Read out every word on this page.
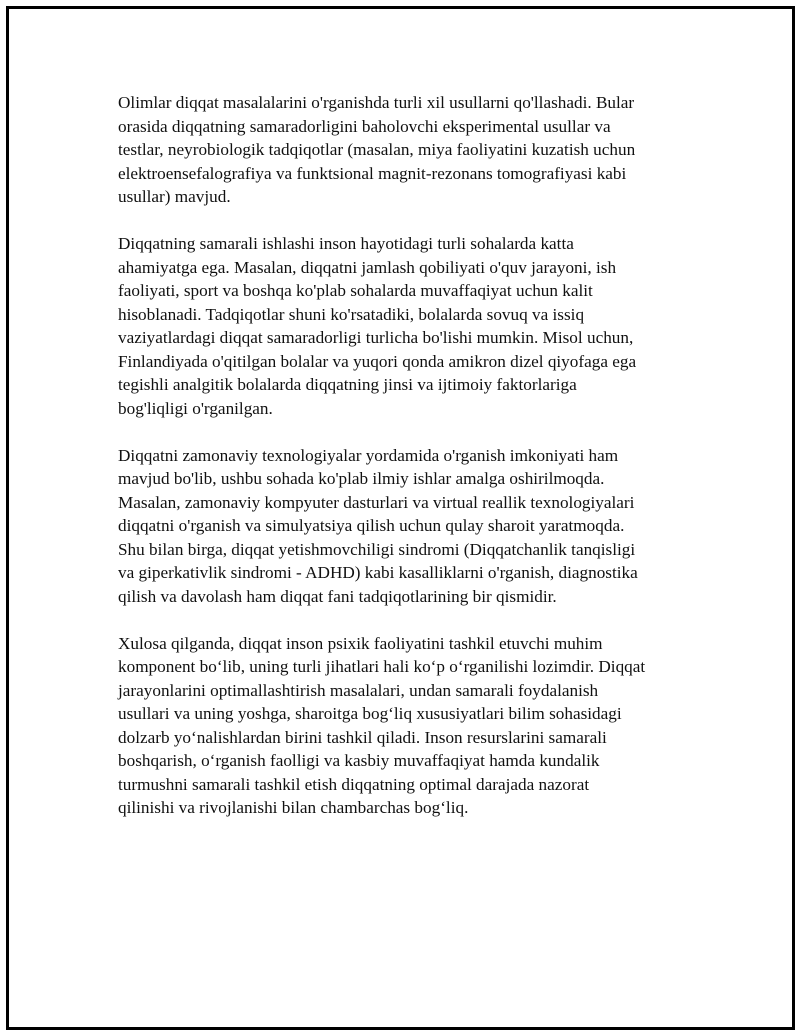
Olimlar diqqat masalalarini o'rganishda turli xil usullarni qo'llashadi. Bular
orasida diqqatning samaradorligini baholovchi eksperimental usullar va
testlar, neyrobiologik tadqiqotlar (masalan, miya faoliyatini kuzatish uchun
elektroensefalografiya va funktsional magnit-rezonans tomografiyasi kabi
usullar) mavjud.

Diqqatning samarali ishlashi inson hayotidagi turli sohalarda katta
ahamiyatga ega. Masalan, diqqatni jamlash qobiliyati o'quv jarayoni, ish
faoliyati, sport va boshqa ko'plab sohalarda muvaffaqiyat uchun kalit
hisoblanadi. Tadqiqotlar shuni ko'rsatadiki, bolalarda sovuq va issiq
vaziyatlardagi diqqat samaradorligi turlicha bo'lishi mumkin. Misol uchun,
Finlandiyada o'qitilgan bolalar va yuqori qonda amikron dizel qiyofaga ega
tegishli analgitik bolalarda diqqatning jinsi va ijtimoiy faktorlariga
bog'liqligi o'rganilgan.

Diqqatni zamonaviy texnologiyalar yordamida o'rganish imkoniyati ham
mavjud bo'lib, ushbu sohada ko'plab ilmiy ishlar amalga oshirilmoqda.
Masalan, zamonaviy kompyuter dasturlari va virtual reallik texnologiyalari
diqqatni o'rganish va simulyatsiya qilish uchun qulay sharoit yaratmoqda.
Shu bilan birga, diqqat yetishmovchiligi sindromi (Diqqatchanlik tanqisligi
va giperkativlik sindromi - ADHD) kabi kasalliklarni o'rganish, diagnostika
qilish va davolash ham diqqat fani tadqiqotlarining bir qismidir.

Xulosa qilganda, diqqat inson psixik faoliyatini tashkil etuvchi muhim
komponent bo‘lib, uning turli jihatlari hali ko‘p o‘rganilishi lozimdir. Diqqat
jarayonlarini optimallashtirish masalalari, undan samarali foydalanish
usullari va uning yoshga, sharoitga bog‘liq xususiyatlari bilim sohasidagi
dolzarb yo‘nalishlardan birini tashkil qiladi. Inson resurslarini samarali
boshqarish, o‘rganish faolligi va kasbiy muvaffaqiyat hamda kundalik
turmushni samarali tashkil etish diqqatning optimal darajada nazorat
qilinishi va rivojlanishi bilan chambarchas bog‘liq.
